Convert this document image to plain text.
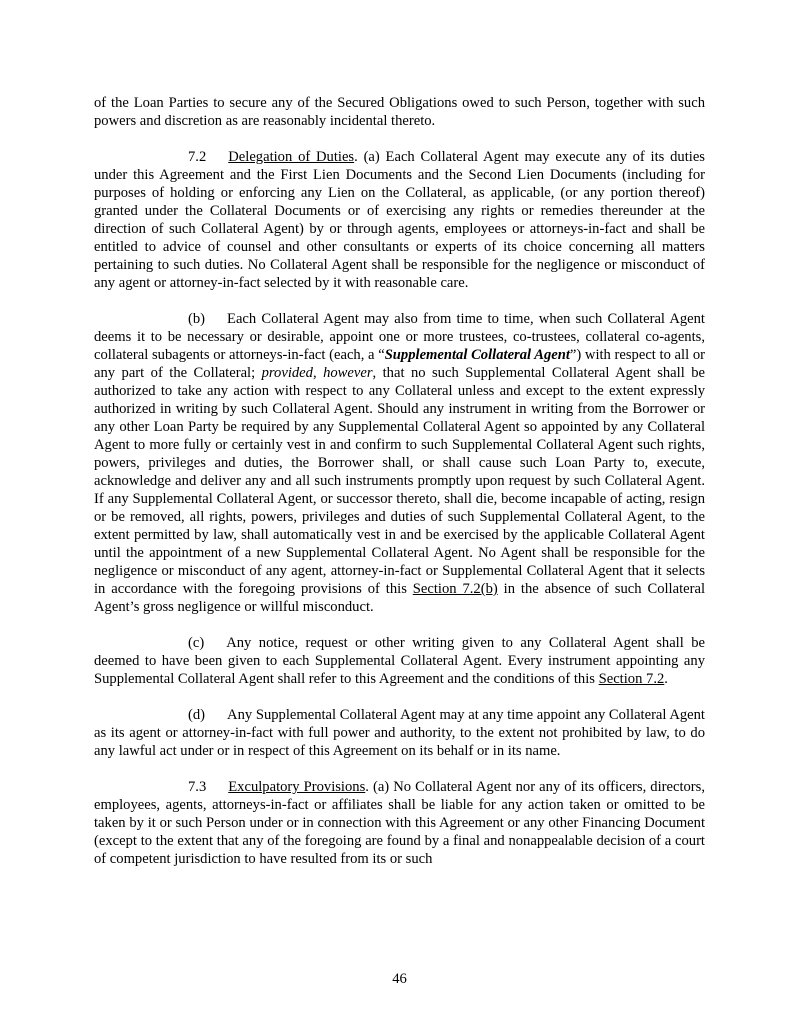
of the Loan Parties to secure any of the Secured Obligations owed to such Person, together with such powers and discretion as are reasonably incidental thereto.

7.2 Delegation of Duties. (a) Each Collateral Agent may execute any of its duties under this Agreement and the First Lien Documents and the Second Lien Documents (including for purposes of holding or enforcing any Lien on the Collateral, as applicable, (or any portion thereof) granted under the Collateral Documents or of exercising any rights or remedies thereunder at the direction of such Collateral Agent) by or through agents, employees or attorneys-in-fact and shall be entitled to advice of counsel and other consultants or experts of its choice concerning all matters pertaining to such duties. No Collateral Agent shall be responsible for the negligence or misconduct of any agent or attorney-in-fact selected by it with reasonable care.

(b) Each Collateral Agent may also from time to time, when such Collateral Agent deems it to be necessary or desirable, appoint one or more trustees, co-trustees, collateral co-agents, collateral subagents or attorneys-in-fact (each, a “Supplemental Collateral Agent”) with respect to all or any part of the Collateral; provided, however, that no such Supplemental Collateral Agent shall be authorized to take any action with respect to any Collateral unless and except to the extent expressly authorized in writing by such Collateral Agent. Should any instrument in writing from the Borrower or any other Loan Party be required by any Supplemental Collateral Agent so appointed by any Collateral Agent to more fully or certainly vest in and confirm to such Supplemental Collateral Agent such rights, powers, privileges and duties, the Borrower shall, or shall cause such Loan Party to, execute, acknowledge and deliver any and all such instruments promptly upon request by such Collateral Agent. If any Supplemental Collateral Agent, or successor thereto, shall die, become incapable of acting, resign or be removed, all rights, powers, privileges and duties of such Supplemental Collateral Agent, to the extent permitted by law, shall automatically vest in and be exercised by the applicable Collateral Agent until the appointment of a new Supplemental Collateral Agent. No Agent shall be responsible for the negligence or misconduct of any agent, attorney-in-fact or Supplemental Collateral Agent that it selects in accordance with the foregoing provisions of this Section 7.2(b) in the absence of such Collateral Agent’s gross negligence or willful misconduct.

(c) Any notice, request or other writing given to any Collateral Agent shall be deemed to have been given to each Supplemental Collateral Agent. Every instrument appointing any Supplemental Collateral Agent shall refer to this Agreement and the conditions of this Section 7.2.

(d) Any Supplemental Collateral Agent may at any time appoint any Collateral Agent as its agent or attorney-in-fact with full power and authority, to the extent not prohibited by law, to do any lawful act under or in respect of this Agreement on its behalf or in its name.

7.3 Exculpatory Provisions. (a) No Collateral Agent nor any of its officers, directors, employees, agents, attorneys-in-fact or affiliates shall be liable for any action taken or omitted to be taken by it or such Person under or in connection with this Agreement or any other Financing Document (except to the extent that any of the foregoing are found by a final and nonappealable decision of a court of competent jurisdiction to have resulted from its or such

46
